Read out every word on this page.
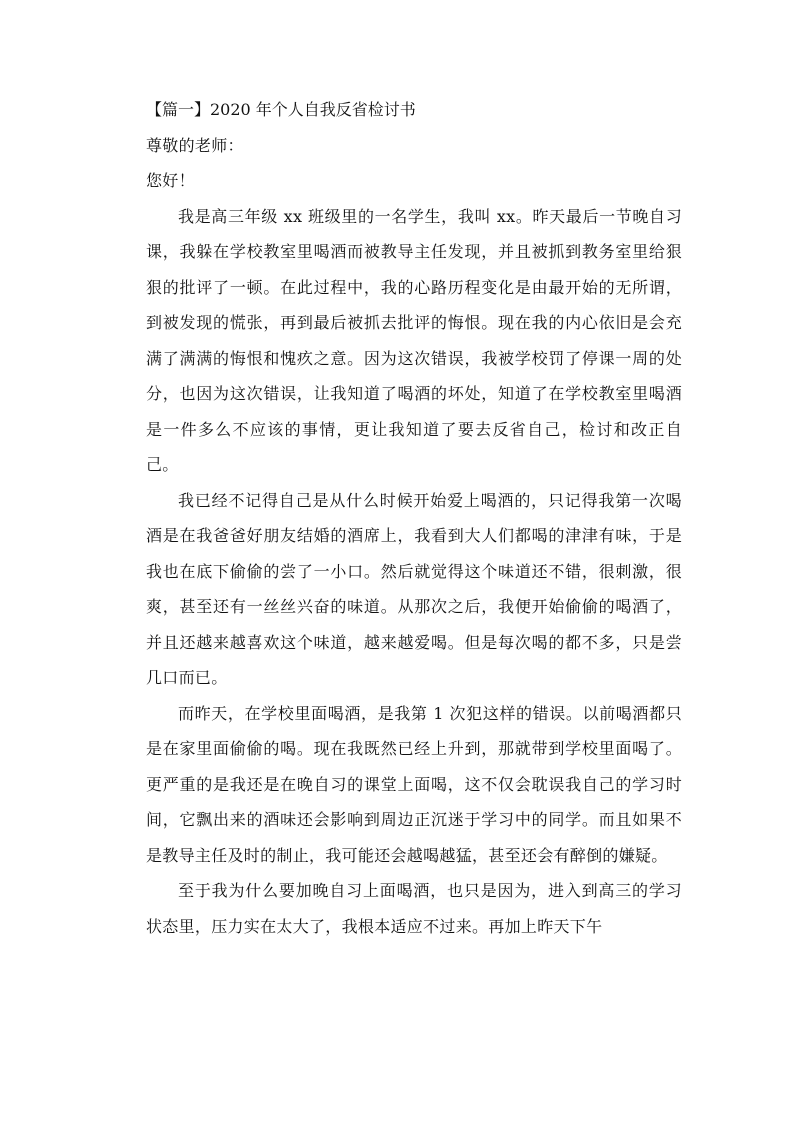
【篇一】2020 年个人自我反省检讨书
尊敬的老师：
您好！

我是高三年级 xx 班级里的一名学生，我叫 xx。昨天最后一节晚自习课，我躲在学校教室里喝酒而被教导主任发现，并且被抓到教务室里给狠狠的批评了一顿。在此过程中，我的心路历程变化是由最开始的无所谓，到被发现的慌张，再到最后被抓去批评的悔恨。现在我的内心依旧是会充满了满满的悔恨和愧疚之意。因为这次错误，我被学校罚了停课一周的处分，也因为这次错误，让我知道了喝酒的坏处，知道了在学校教室里喝酒是一件多么不应该的事情，更让我知道了要去反省自己，检讨和改正自己。

我已经不记得自己是从什么时候开始爱上喝酒的，只记得我第一次喝酒是在我爸爸好朋友结婚的酒席上，我看到大人们都喝的津津有味，于是我也在底下偷偷的尝了一小口。然后就觉得这个味道还不错，很刺激，很爽，甚至还有一丝丝兴奋的味道。从那次之后，我便开始偷偷的喝酒了，并且还越来越喜欢这个味道，越来越爱喝。但是每次喝的都不多，只是尝几口而已。

而昨天，在学校里面喝酒，是我第 1 次犯这样的错误。以前喝酒都只是在家里面偷偷的喝。现在我既然已经上升到，那就带到学校里面喝了。更严重的是我还是在晚自习的课堂上面喝，这不仅会耽误我自己的学习时间，它飘出来的酒味还会影响到周边正沉迷于学习中的同学。而且如果不是教导主任及时的制止，我可能还会越喝越猛，甚至还会有醉倒的嫌疑。

至于我为什么要加晚自习上面喝酒，也只是因为，进入到高三的学习状态里，压力实在太大了，我根本适应不过来。再加上昨天下午
